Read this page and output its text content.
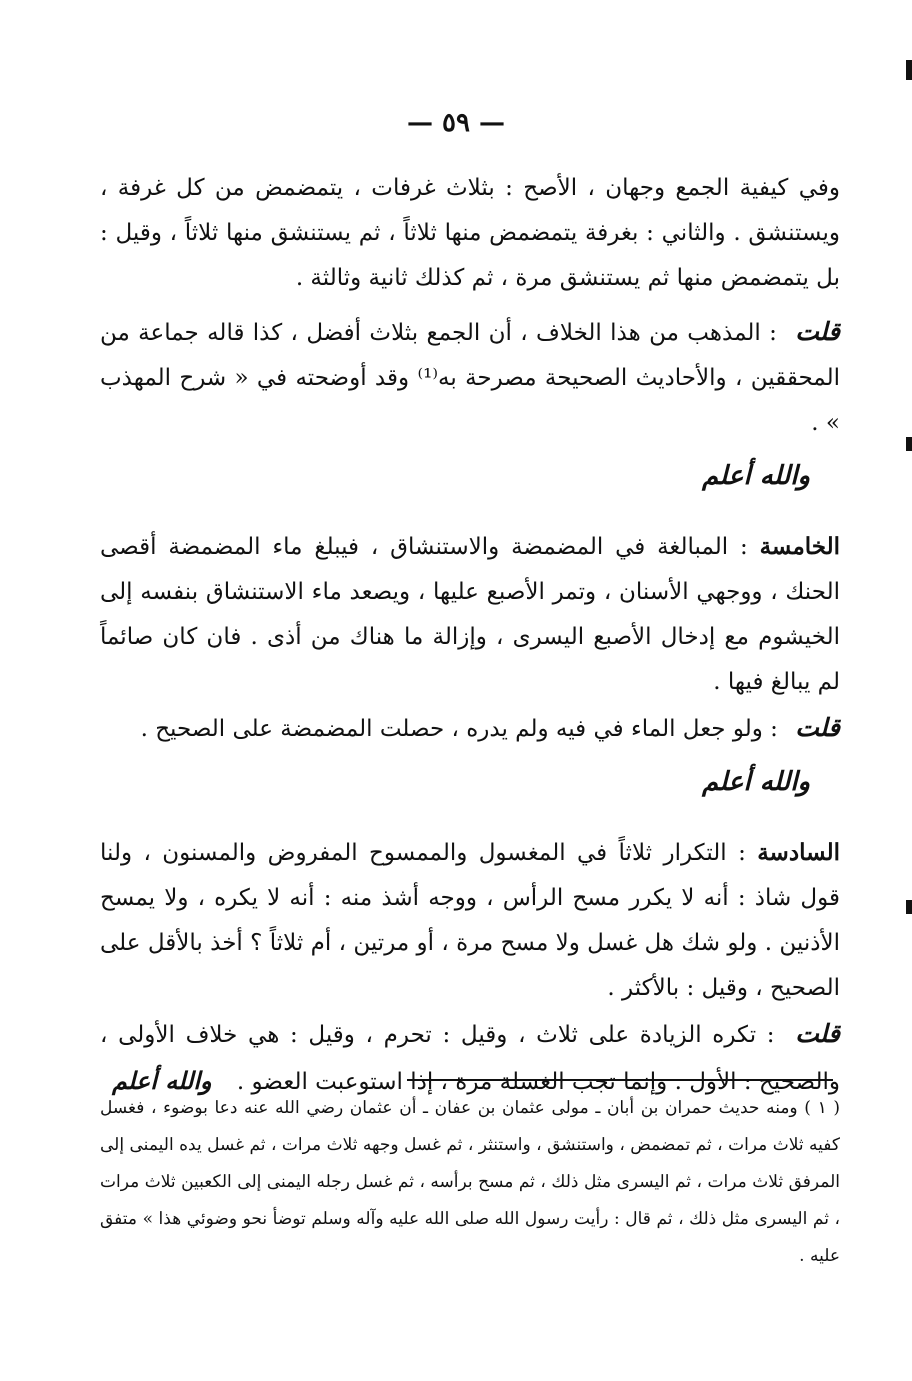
— ٥٩ —

وفي كيفية الجمع وجهان ، الأصح : بثلاث غرفات ، يتمضمض من كل غرفة ، ويستنشق . والثاني : بغرفة يتمضمض منها ثلاثاً ، ثم يستنشق منها ثلاثاً ، وقيل : بل يتمضمض منها ثم يستنشق مرة ، ثم كذلك ثانية وثالثة .

قلت : المذهب من هذا الخلاف ، أن الجمع بثلاث أفضل ، كذا قاله جماعة من المحققين ، والأحاديث الصحيحة مصرحة به⁽¹⁾ وقد أوضحته في « شرح المهذب » .

والله أعلم

الخامسة : المبالغة في المضمضة والاستنشاق ، فيبلغ ماء المضمضة أقصى الحنك ، ووجهي الأسنان ، وتمر الأصبع عليها ، ويصعد ماء الاستنشاق بنفسه إلى الخيشوم مع إدخال الأصبع اليسرى ، وإزالة ما هناك من أذى . فان كان صائماً لم يبالغ فيها .

قلت : ولو جعل الماء في فيه ولم يدره ، حصلت المضمضة على الصحيح .

والله أعلم

السادسة : التكرار ثلاثاً في المغسول والممسوح المفروض والمسنون ، ولنا قول شاذ : أنه لا يكرر مسح الرأس ، ووجه أشذ منه : أنه لا يكره ، ولا يمسح الأذنين . ولو شك هل غسل ولا مسح مرة ، أو مرتين ، أم ثلاثاً ؟ أخذ بالأقل على الصحيح ، وقيل : بالأكثر .

قلت : تكره الزيادة على ثلاث ، وقيل : تحرم ، وقيل : هي خلاف الأولى ، والصحيح : الأول . وإنما تجب الغسلة مرة ، إذا استوعبت العضو . والله أعلم

( ١ ) ومنه حديث حمران بن أبان ـ مولى عثمان بن عفان ـ أن عثمان رضي الله عنه دعا بوضوء ، فغسل كفيه ثلاث مرات ، ثم تمضمض ، واستنشق ، واستنثر ، ثم غسل وجهه ثلاث مرات ، ثم غسل يده اليمنى إلى المرفق ثلاث مرات ، ثم اليسرى مثل ذلك ، ثم مسح برأسه ، ثم غسل رجله اليمنى إلى الكعبين ثلاث مرات ، ثم اليسرى مثل ذلك ، ثم قال : رأيت رسول الله صلى الله عليه وآله وسلم توضأ نحو وضوئي هذا » متفق عليه .
